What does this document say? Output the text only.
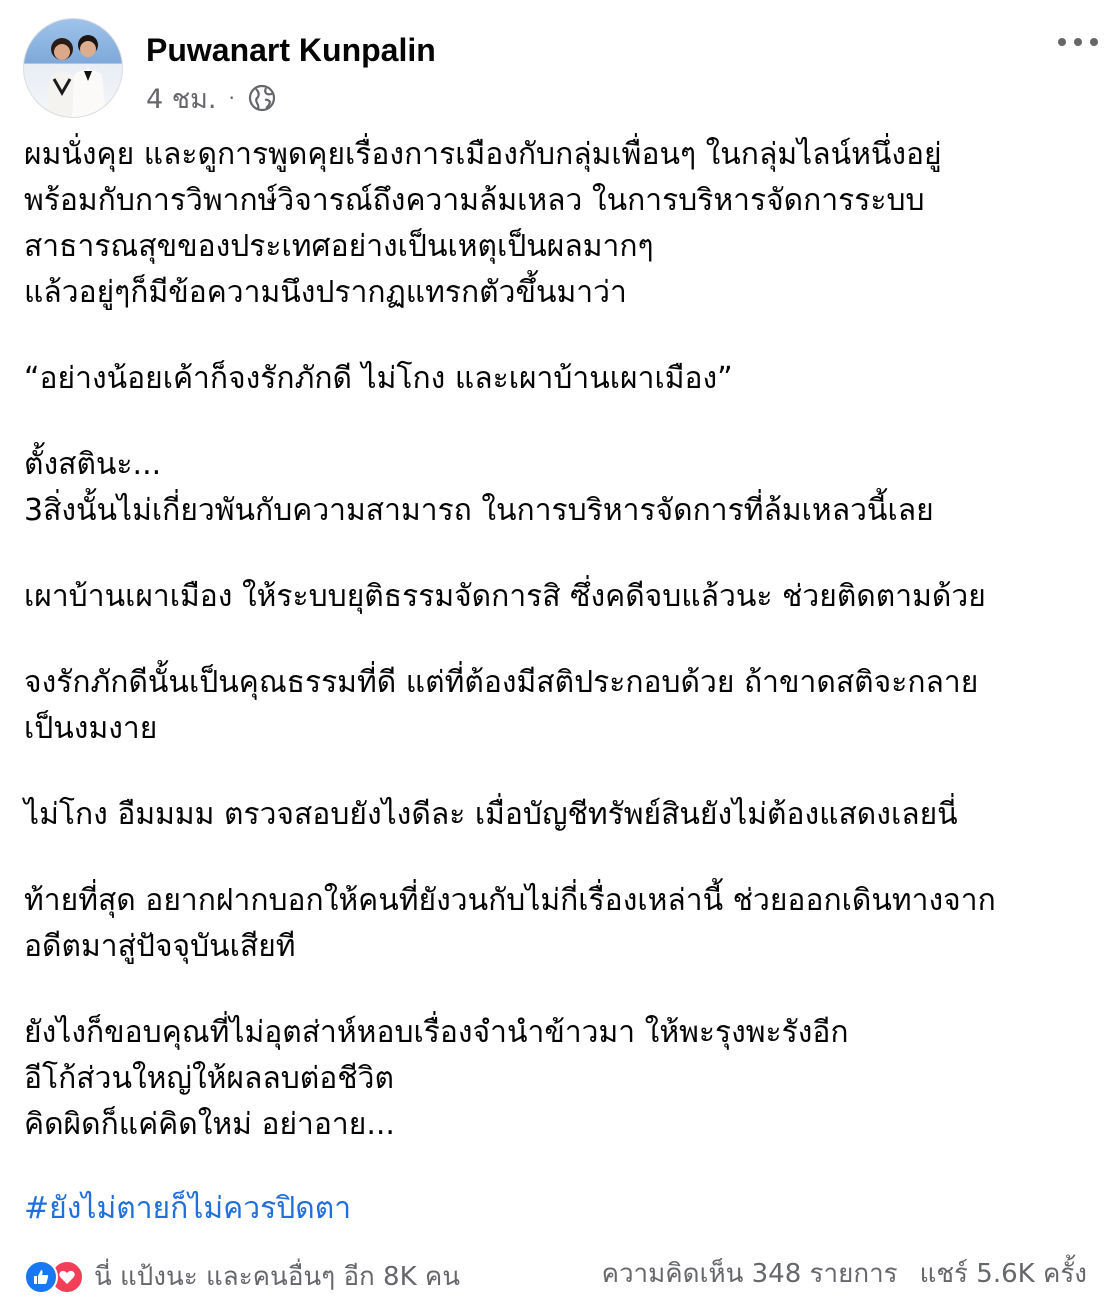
Puwanart Kunpalin
4 ชม. ·

ผมนั่งคุย และดูการพูดคุยเรื่องการเมืองกับกลุ่มเพื่อนๆ ในกลุ่มไลน์หนึ่งอยู่
พร้อมกับการวิพากษ์วิจารณ์ถึงความล้มเหลว ในการบริหารจัดการระบบ
สาธารณสุขของประเทศอย่างเป็นเหตุเป็นผลมากๆ
แล้วอยู่ๆก็มีข้อความนึงปรากฏแทรกตัวขึ้นมาว่า

“อย่างน้อยเค้าก็จงรักภักดี ไม่โกง และเผาบ้านเผาเมือง”

ตั้งสตินะ...
3สิ่งนั้นไม่เกี่ยวพันกับความสามารถ ในการบริหารจัดการที่ล้มเหลวนี้เลย

เผาบ้านเผาเมือง ให้ระบบยุติธรรมจัดการสิ ซึ่งคดีจบแล้วนะ ช่วยติดตามด้วย

จงรักภักดีนั้นเป็นคุณธรรมที่ดี แต่ที่ต้องมีสติประกอบด้วย ถ้าขาดสติจะกลาย
เป็นงมงาย

ไม่โกง อืมมมม ตรวจสอบยังไงดีละ เมื่อบัญชีทรัพย์สินยังไม่ต้องแสดงเลยนี่

ท้ายที่สุด อยากฝากบอกให้คนที่ยังวนกับไม่กี่เรื่องเหล่านี้ ช่วยออกเดินทางจาก
อดีตมาสู่ปัจจุบันเสียที

ยังไงก็ขอบคุณที่ไม่อุตส่าห์หอบเรื่องจำนำข้าวมา ให้พะรุงพะรังอีก
อีโก้ส่วนใหญ่ให้ผลลบต่อชีวิต
คิดผิดก็แค่คิดใหม่ อย่าอาย...

#ยังไม่ตายก็ไม่ควรปิดตา
นี่ แป้งนะ และคนอื่นๆ อีก 8K คน	ความคิดเห็น 348 รายการ แชร์ 5.6K ครั้ง
